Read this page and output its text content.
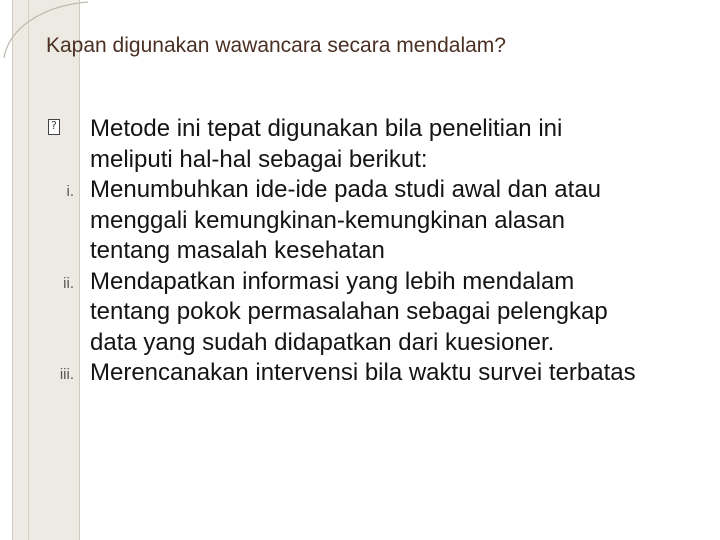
Kapan digunakan wawancara secara mendalam?
?
Metode ini tepat digunakan bila penelitian ini meliputi hal-hal sebagai berikut:
i. Menumbuhkan ide-ide pada studi awal dan atau menggali kemungkinan-kemungkinan alasan tentang masalah kesehatan
ii. Mendapatkan informasi yang lebih mendalam tentang pokok permasalahan sebagai pelengkap data yang sudah didapatkan dari kuesioner.
iii. Merencanakan intervensi bila waktu survei terbatas
